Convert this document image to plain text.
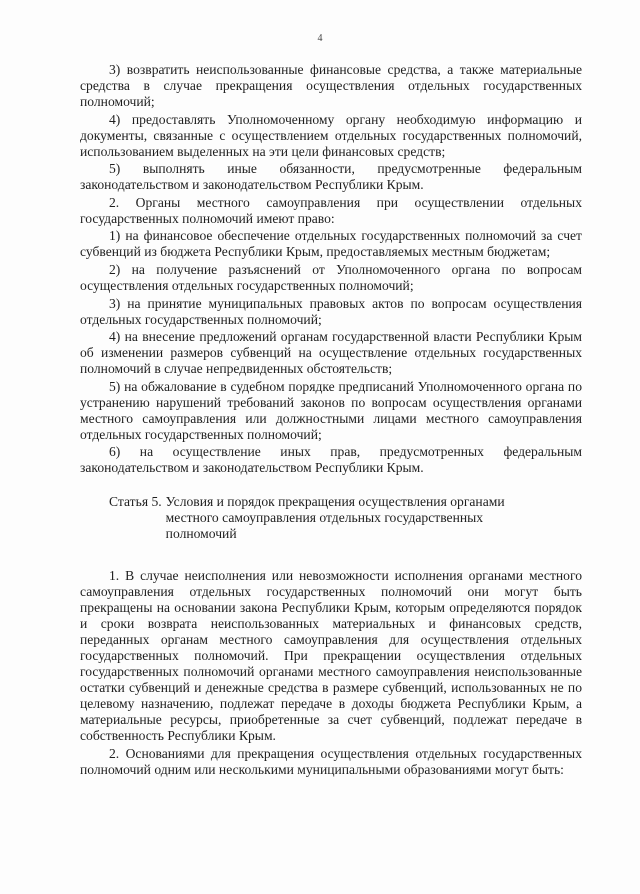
4

3) возвратить неиспользованные финансовые средства, а также материальные средства в случае прекращения осуществления отдельных государственных полномочий;

4) предоставлять Уполномоченному органу необходимую информацию и документы, связанные с осуществлением отдельных государственных полномочий, использованием выделенных на эти цели финансовых средств;

5) выполнять иные обязанности, предусмотренные федеральным законодательством и законодательством Республики Крым.

2. Органы местного самоуправления при осуществлении отдельных государственных полномочий имеют право:

1) на финансовое обеспечение отдельных государственных полномочий за счет субвенций из бюджета Республики Крым, предоставляемых местным бюджетам;

2) на получение разъяснений от Уполномоченного органа по вопросам осуществления отдельных государственных полномочий;

3) на принятие муниципальных правовых актов по вопросам осуществления отдельных государственных полномочий;

4) на внесение предложений органам государственной власти Республики Крым об изменении размеров субвенций на осуществление отдельных государственных полномочий в случае непредвиденных обстоятельств;

5) на обжалование в судебном порядке предписаний Уполномоченного органа по устранению нарушений требований законов по вопросам осуществления органами местного самоуправления или должностными лицами местного самоуправления отдельных государственных полномочий;

6) на осуществление иных прав, предусмотренных федеральным законодательством и законодательством Республики Крым.

Статья 5. Условия и порядок прекращения осуществления органами местного самоуправления отдельных государственных полномочий

1. В случае неисполнения или невозможности исполнения органами местного самоуправления отдельных государственных полномочий они могут быть прекращены на основании закона Республики Крым, которым определяются порядок и сроки возврата неиспользованных материальных и финансовых средств, переданных органам местного самоуправления для осуществления отдельных государственных полномочий. При прекращении осуществления отдельных государственных полномочий органами местного самоуправления неиспользованные остатки субвенций и денежные средства в размере субвенций, использованных не по целевому назначению, подлежат передаче в доходы бюджета Республики Крым, а материальные ресурсы, приобретенные за счет субвенций, подлежат передаче в собственность Республики Крым.

2. Основаниями для прекращения осуществления отдельных государственных полномочий одним или несколькими муниципальными образованиями могут быть:
